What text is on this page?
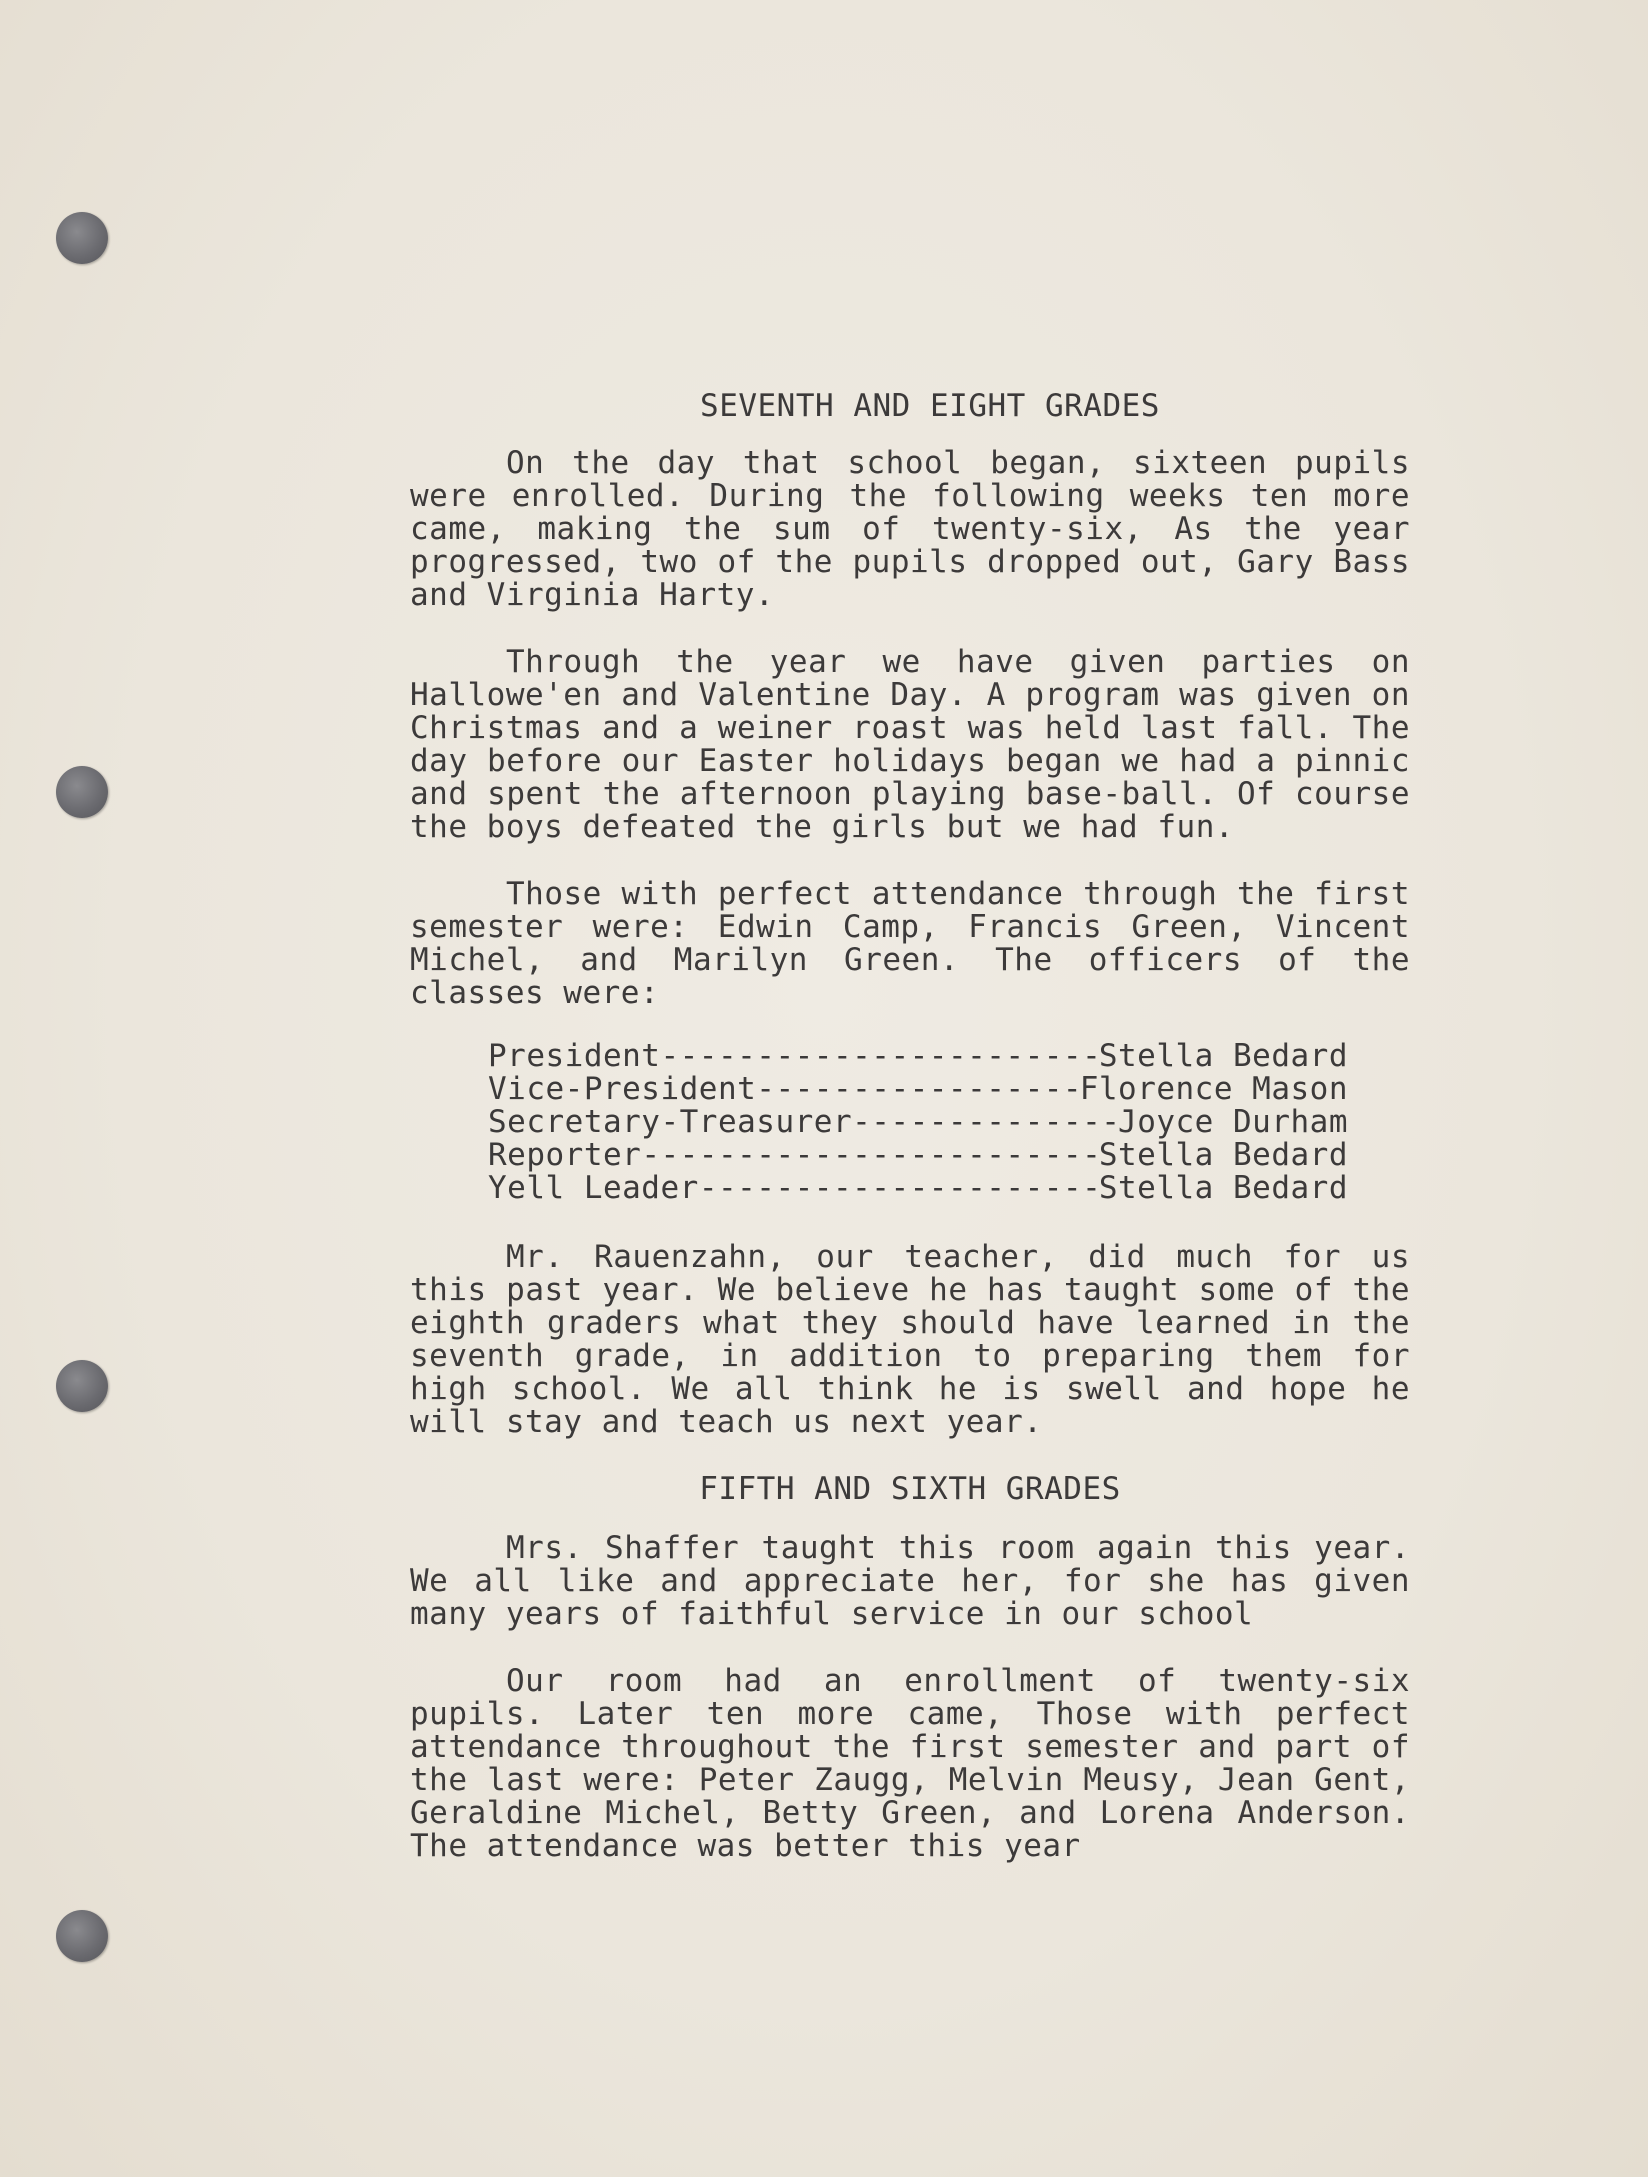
SEVENTH AND EIGHT GRADES

On the day that school began, sixteen pupils were enrolled. During the following weeks ten more came, making the sum of twenty-six, As the year progressed, two of the pupils dropped out, Gary Bass and Virginia Harty.

Through the year we have given parties on Hallowe'en and Valentine Day. A program was given on Christmas and a weiner roast was held last fall. The day before our Easter holidays began we had a pinnic and spent the afternoon playing base-ball. Of course the boys defeated the girls but we had fun.

Those with perfect attendance through the first semester were: Edwin Camp, Francis Green, Vincent Michel, and Marilyn Green. The officers of the classes were:

President -----	Stella Bedard
Vice-President -----	Florence Mason
Secretary-Treasurer -----	Joyce Durham
Reporter -----	Stella Bedard
Yell Leader -----	Stella Bedard

Mr. Rauenzahn, our teacher, did much for us this past year. We believe he has taught some of the eighth graders what they should have learned in the seventh grade, in addition to preparing them for high school. We all think he is swell and hope he will stay and teach us next year.

FIFTH AND SIXTH GRADES

Mrs. Shaffer taught this room again this year. We all like and appreciate her, for she has given many years of faithful service in our school

Our room had an enrollment of twenty-six pupils. Later ten more came, Those with perfect attendance throughout the first semester and part of the last were: Peter Zaugg, Melvin Meusy, Jean Gent, Geraldine Michel, Betty Green, and Lorena Anderson. The attendance was better this year
